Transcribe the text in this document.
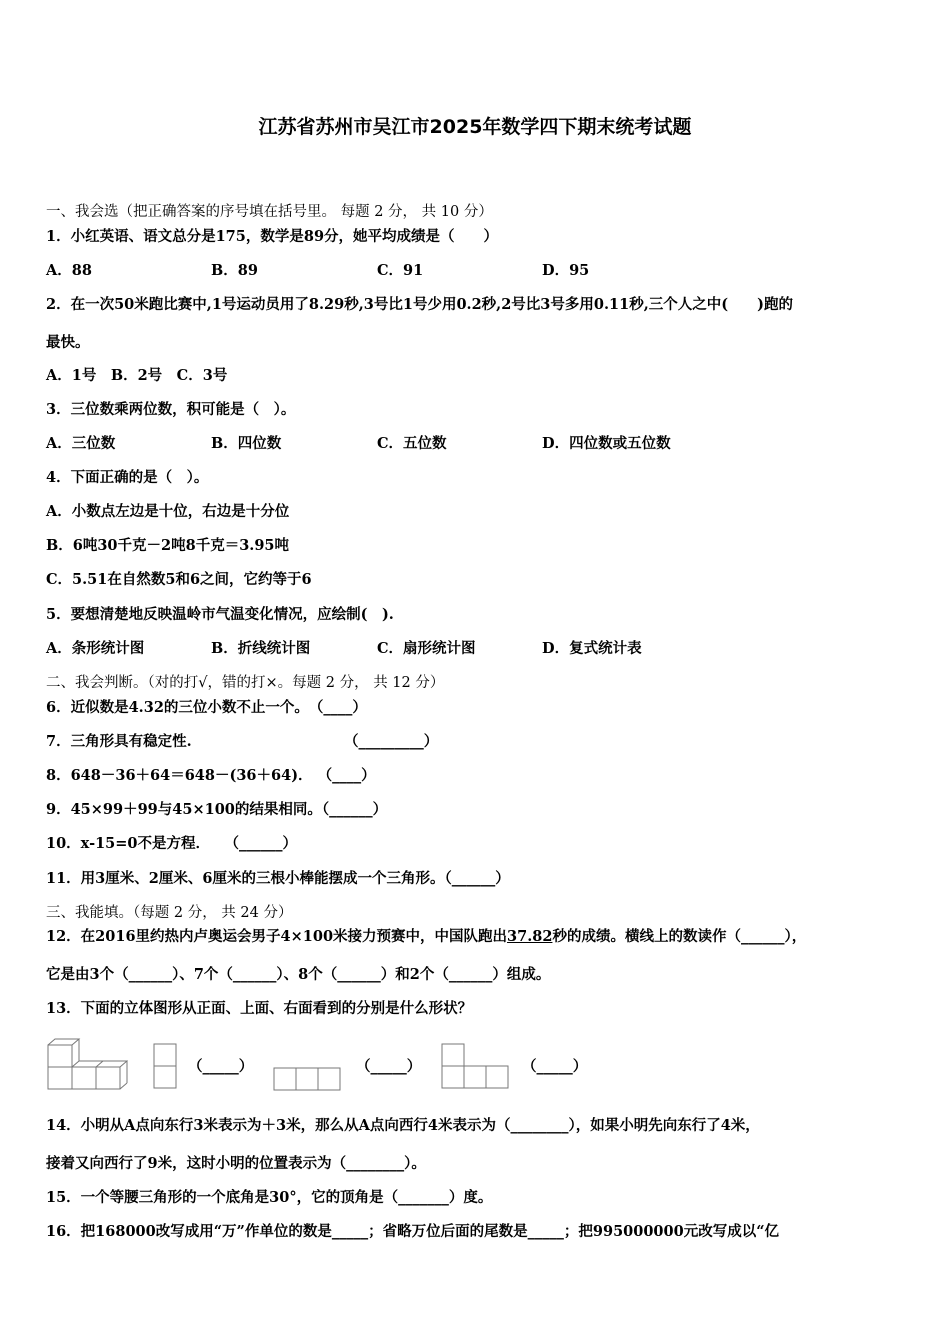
江苏省苏州市吴江市2025年数学四下期末统考试题
一、我会选（把正确答案的序号填在括号里。 每题 2 分， 共 10 分）
1．小红英语、语文总分是175，数学是89分，她平均成绩是（　　）
A．88	B．89	C．91	D．95
2．在一次50米跑比赛中,1号运动员用了8.29秒,3号比1号少用0.2秒,2号比3号多用0.11秒,三个人之中(　　)跑的
最快。
A．1号　B．2号　C．3号
3．三位数乘两位数，积可能是（　）。
A．三位数	B．四位数	C．五位数	D．四位数或五位数
4．下面正确的是（　）。
A．小数点左边是十位，右边是十分位
B．6吨30千克－2吨8千克＝3.95吨
C．5.51在自然数5和6之间，它约等于6
5．要想清楚地反映温岭市气温变化情况，应绘制(　).
A．条形统计图	B．折线统计图	C．扇形统计图	D．复式统计表
二、我会判断。（对的打√，错的打×。每题 2 分， 共 12 分）
6．近似数是4.32的三位小数不止一个。　（____）
7．三角形具有稳定性.	（_________）
8．648－36＋64＝648－(36＋64)． （____）
9．45×99＋99与45×100的结果相同。（______）
10．x-15=0不是方程．　　（______）
11．用3厘米、2厘米、6厘米的三根小棒能摆成一个三角形。（______）
三、我能填。（每题 2 分， 共 24 分）
12．在2016里约热内卢奥运会男子4×100米接力预赛中，中国队跑出37.82秒的成绩。横线上的数读作（______），
它是由3个（______）、7个（______）、8个（______）和2个（______）组成。
13．下面的立体图形从正面、上面、右面看到的分别是什么形状？
（_____）	（_____）	（_____）
14．小明从A点向东行3米表示为＋3米，那么从A点向西行4米表示为（________），如果小明先向东行了4米，
接着又向西行了9米，这时小明的位置表示为（________）。
15．一个等腰三角形的一个底角是30°，它的顶角是（_______）度。
16．把168000改写成用“万”作单位的数是_____；省略万位后面的尾数是_____；把995000000元改写成以“亿
